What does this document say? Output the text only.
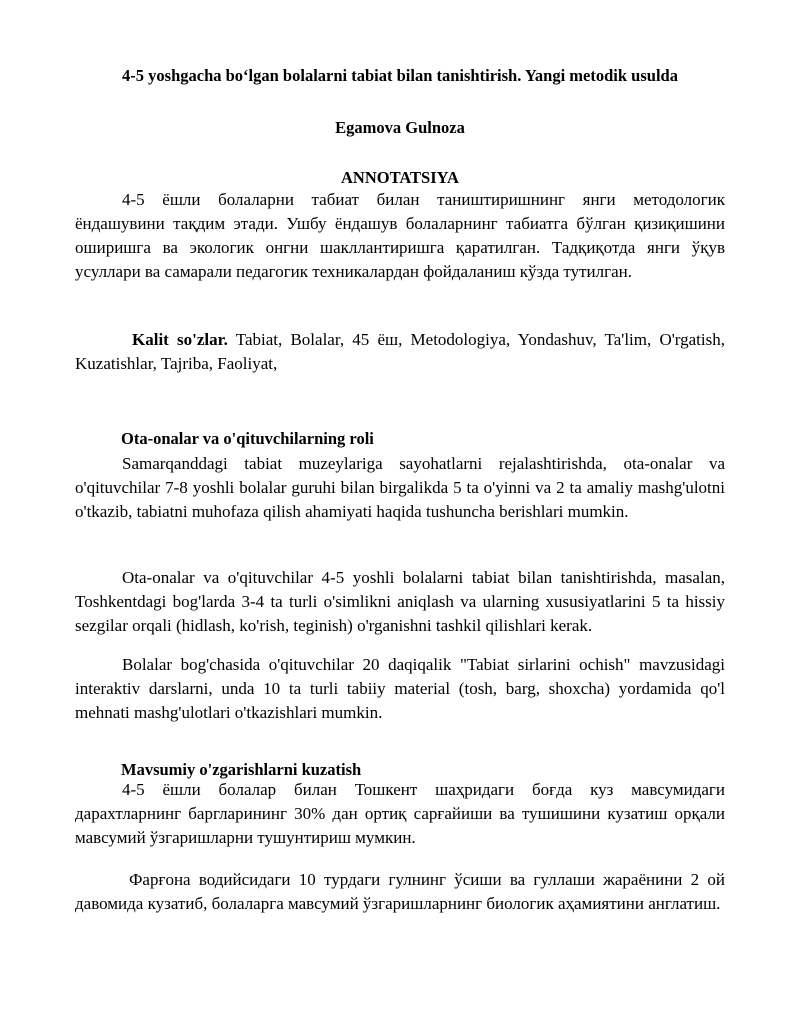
4-5 yoshgacha boʻlgan bolalarni tabiat bilan tanishtirish. Yangi metodik usulda
Egamova Gulnoza
ANNOTATSIYA

4-5 ёшли болаларни табиат билан таништиришнинг янги методологик ёндашувини тақдим этади. Ушбу ёндашув болаларнинг табиатга бўлган қизиқишини оширишга ва экологик онгни шакллантиришга қаратилган. Тадқиқотда янги ўқув усуллари ва самарали педагогик техникалардан фойдаланиш кўзда тутилган.

Kalit so'zlar. Tabiat, Bolalar, 45 ёш, Metodologiya, Yondashuv, Ta'lim, O'rgatish, Kuzatishlar, Tajriba, Faoliyat,

Ota-onalar va o'qituvchilarning roli

Samarqanddagi tabiat muzeylariga sayohatlarni rejalashtirishda, ota-onalar va o'qituvchilar 7-8 yoshli bolalar guruhi bilan birgalikda 5 ta o'yinni va 2 ta amaliy mashg'ulotni o'tkazib, tabiatni muhofaza qilish ahamiyati haqida tushuncha berishlari mumkin.

Ota-onalar va o'qituvchilar 4-5 yoshli bolalarni tabiat bilan tanishtirishda, masalan, Toshkentdagi bog'larda 3-4 ta turli o'simlikni aniqlash va ularning xususiyatlarini 5 ta hissiy sezgilar orqali (hidlash, ko'rish, teginish) o'rganishni tashkil qilishlari kerak.

Bolalar bog'chasida o'qituvchilar 20 daqiqalik "Tabiat sirlarini ochish" mavzusidagi interaktiv darslarni, unda 10 ta turli tabiiy material (tosh, barg, shoxcha) yordamida qo'l mehnati mashg'ulotlari o'tkazishlari mumkin.

Mavsumiy o'zgarishlarni kuzatish

4-5 ёшли болалар билан Тошкент шаҳридаги боғда куз мавсумидаги дарахтларнинг баргларининг 30% дан ортиқ сарғайиши ва тушишини кузатиш орқали мавсумий ўзгаришларни тушунтириш мумкин.

Фарғона водийсидаги 10 турдаги гулнинг ўсиши ва гуллаши жараёнини 2 ой давомида кузатиб, болаларга мавсумий ўзгаришларнинг биологик аҳамиятини англатиш.
